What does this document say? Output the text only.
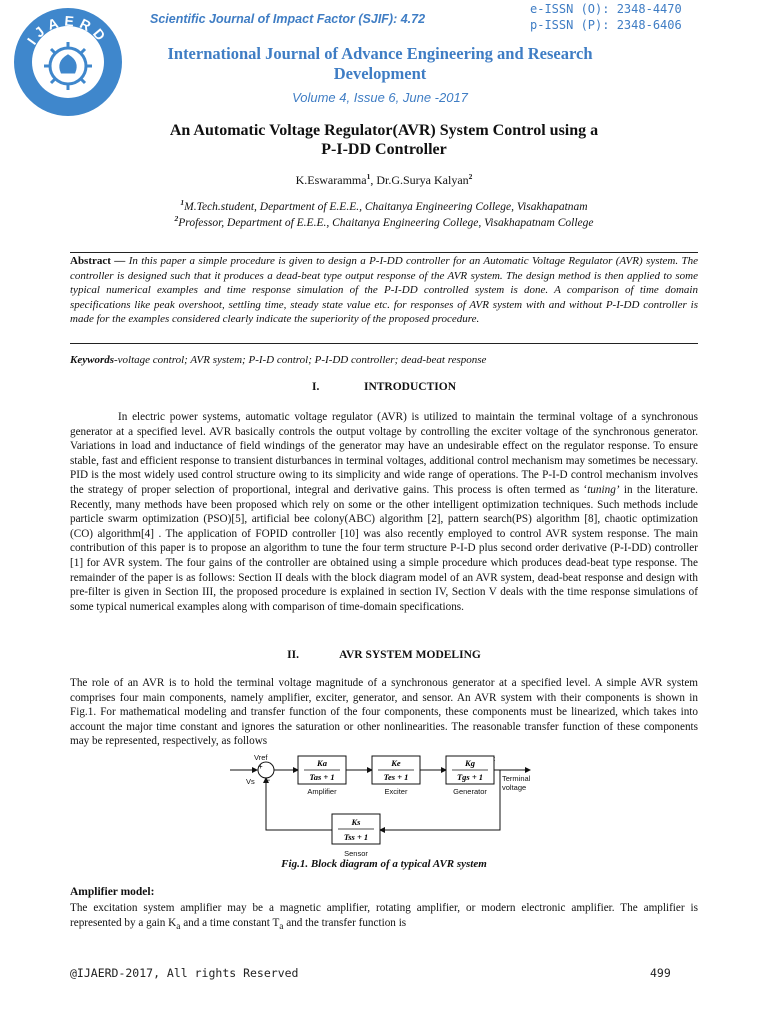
IJAERD
Scientific Journal of Impact Factor (SJIF): 4.72
e-ISSN (O): 2348-4470
p-ISSN (P): 2348-6406
International Journal of Advance Engineering and Research Development
Volume 4, Issue 6, June -2017
An Automatic Voltage Regulator(AVR) System Control using a
P-I-DD Controller
K.Eswaramma$^1$, Dr.G.Surya Kalyan$^2$
$^1$M.Tech.student, Department of E.E.E., Chaitanya Engineering College, Visakhapatnam
$^2$Professor, Department of E.E.E., Chaitanya Engineering College, Visakhapatnam College
Abstract — In this paper a simple procedure is given to design a P-I-DD controller for an Automatic Voltage Regulator (AVR) system. The controller is designed such that it produces a dead-beat type output response of the AVR system. The design method is then applied to some typical numerical examples and time response simulation of the P-I-DD controlled system is done. A comparison of time domain specifications like peak overshoot, settling time, steady state value etc. for responses of AVR system with and without P-I-DD controller is made for the examples considered clearly indicate the superiority of the proposed procedure.
Keywords-voltage control; AVR system; P-I-D control; P-I-DD controller; dead-beat response
I.	INTRODUCTION
In electric power systems, automatic voltage regulator (AVR) is utilized to maintain the terminal voltage of a synchronous generator at a specified level. AVR basically controls the output voltage by controlling the exciter voltage of the synchronous generator. Variations in load and inductance of field windings of the generator may have an undesirable effect on the regulator response. To ensure stable, fast and efficient response to transient disturbances in terminal voltages, additional control mechanism may sometimes be necessary. PID is the most widely used control structure owing to its simplicity and wide range of operations. The P-I-D control mechanism involves the strategy of proper selection of proportional, integral and derivative gains. This process is often termed as ‘tuning’ in the literature. Recently, many methods have been proposed which rely on some or the other intelligent optimization techniques. Such methods include particle swarm optimization (PSO)[5], artificial bee colony(ABC) algorithm [2], pattern search(PS) algorithm [8], chaotic optimization (CO) algorithm[4] . The application of FOPID controller [10] was also recently employed to control AVR system response. The main contribution of this paper is to propose an algorithm to tune the four term structure P-I-D plus second order derivative (P-I-DD) controller [1] for AVR system. The four gains of the controller are obtained using a simple procedure which produces dead-beat type response. The remainder of the paper is as follows: Section II deals with the block diagram model of an AVR system, dead-beat response and design with pre-filter is given in Section III, the proposed procedure is explained in section IV, Section V deals with the time response simulations of some typical numerical examples along with comparison of time-domain specifications.
II.	AVR SYSTEM MODELING
The role of an AVR is to hold the terminal voltage magnitude of a synchronous generator at a specified level. A simple AVR system comprises four main components, namely amplifier, exciter, generator, and sensor. An AVR system with their components is shown in Fig.1. For mathematical modeling and transfer function of the four components, these components must be linearized, which takes into account the major time constant and ignores the saturation or other nonlinearities. The reasonable transfer function of these components may be represented, respectively, as follows
Vref
Vs	Terminal
voltage
Amplifier	Exciter	Generator
Sensor
+
−
Ka
Tas + 1
Ke
Tes + 1
Kg
Tgs + 1
Ks
Tss + 1
Fig.1. Block diagram of a typical AVR system
Amplifier model:
The excitation system amplifier may be a magnetic amplifier, rotating amplifier, or modern electronic amplifier. The amplifier is represented by a gain $K_a$ and a time constant $T_a$ and the transfer function is
@IJAERD-2017, All rights Reserved	499
